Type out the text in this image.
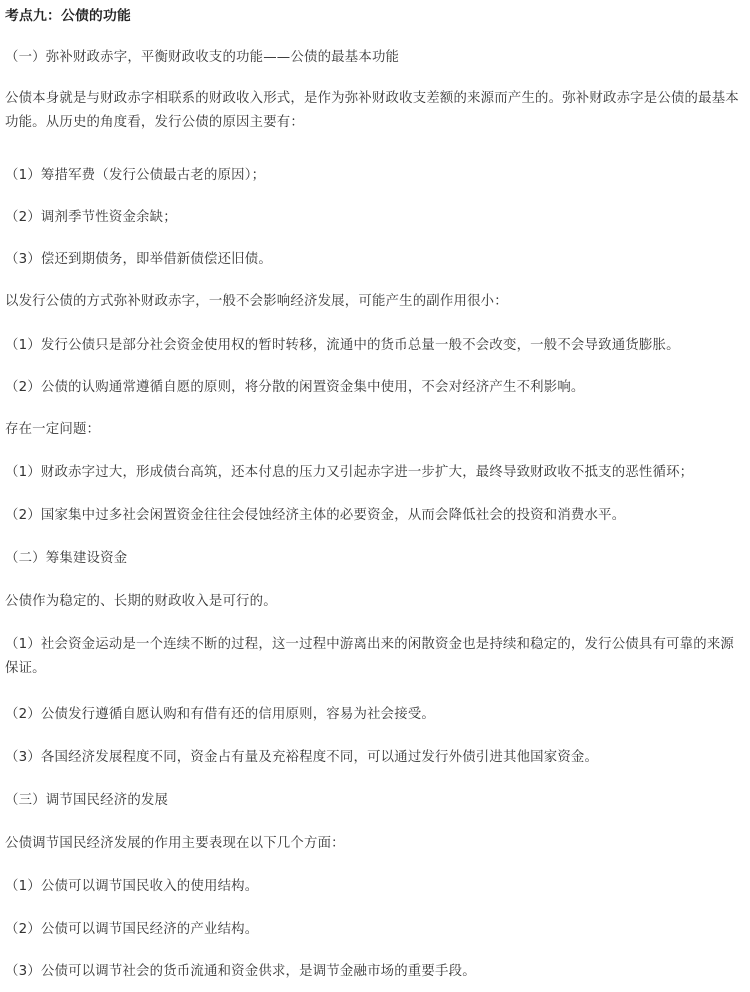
考点九：公债的功能
（一）弥补财政赤字，平衡财政收支的功能——公债的最基本功能
公债本身就是与财政赤字相联系的财政收入形式，是作为弥补财政收支差额的来源而产生的。弥补财政赤字是公债的最基本功能。从历史的角度看，发行公债的原因主要有：
（1）筹措军费（发行公债最古老的原因）；
（2）调剂季节性资金余缺；
（3）偿还到期债务，即举借新债偿还旧债。
以发行公债的方式弥补财政赤字，一般不会影响经济发展，可能产生的副作用很小：
（1）发行公债只是部分社会资金使用权的暂时转移，流通中的货币总量一般不会改变，一般不会导致通货膨胀。
（2）公债的认购通常遵循自愿的原则，将分散的闲置资金集中使用，不会对经济产生不利影响。
存在一定问题：
（1）财政赤字过大，形成债台高筑，还本付息的压力又引起赤字进一步扩大，最终导致财政收不抵支的恶性循环；
（2）国家集中过多社会闲置资金往往会侵蚀经济主体的必要资金，从而会降低社会的投资和消费水平。
（二）筹集建设资金
公债作为稳定的、长期的财政收入是可行的。
（1）社会资金运动是一个连续不断的过程，这一过程中游离出来的闲散资金也是持续和稳定的，发行公债具有可靠的来源保证。
（2）公债发行遵循自愿认购和有借有还的信用原则，容易为社会接受。
（3）各国经济发展程度不同，资金占有量及充裕程度不同，可以通过发行外债引进其他国家资金。
（三）调节国民经济的发展
公债调节国民经济发展的作用主要表现在以下几个方面：
（1）公债可以调节国民收入的使用结构。
（2）公债可以调节国民经济的产业结构。
（3）公债可以调节社会的货币流通和资金供求，是调节金融市场的重要手段。
